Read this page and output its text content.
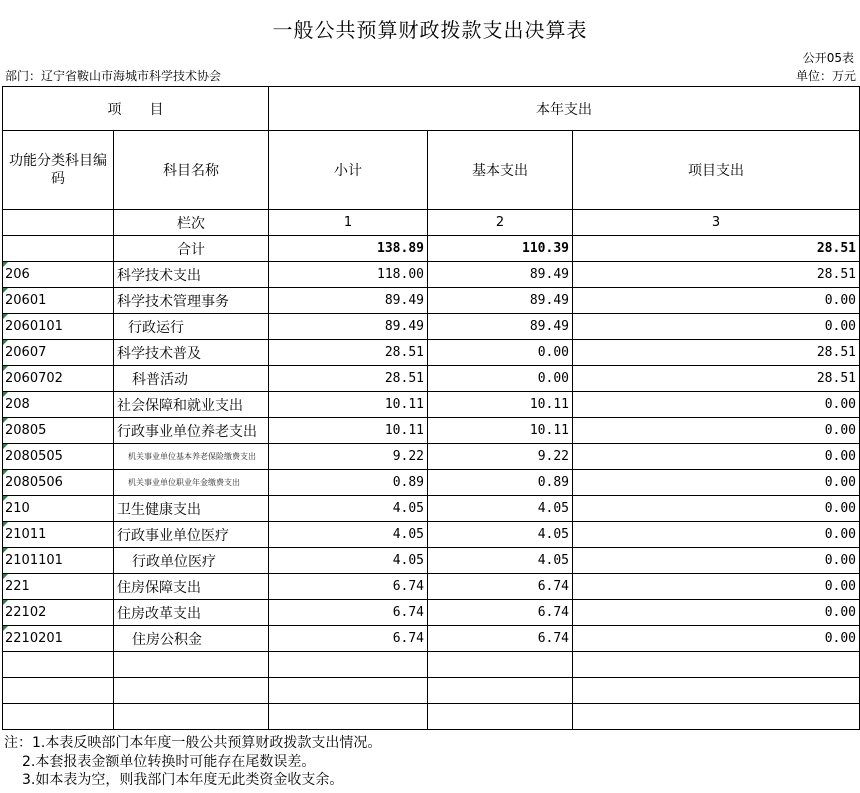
一般公共预算财政拨款支出决算表
公开05表
部门：辽宁省鞍山市海城市科学技术协会	单位：万元
项　　目		本年支出		
功能分类科目编码	科目名称	小计	基本支出	项目支出
	栏次	1	2	3
	合计	138.89	110.39	28.51
206	科学技术支出	118.00	89.49	28.51
20601	科学技术管理事务	89.49	89.49	0.00
2060101	行政运行	89.49	89.49	0.00
20607	科学技术普及	28.51	0.00	28.51
2060702	科普活动	28.51	0.00	28.51
208	社会保障和就业支出	10.11	10.11	0.00
20805	行政事业单位养老支出	10.11	10.11	0.00
2080505	机关事业单位基本养老保险缴费支出	9.22	9.22	0.00
2080506	机关事业单位职业年金缴费支出	0.89	0.89	0.00
210	卫生健康支出	4.05	4.05	0.00
21011	行政事业单位医疗	4.05	4.05	0.00
2101101	行政单位医疗	4.05	4.05	0.00
221	住房保障支出	6.74	6.74	0.00
22102	住房改革支出	6.74	6.74	0.00
2210201	住房公积金	6.74	6.74	0.00

注：1.本表反映部门本年度一般公共预算财政拨款支出情况。
2.本套报表金额单位转换时可能存在尾数误差。
3.如本表为空，则我部门本年度无此类资金收支余。
